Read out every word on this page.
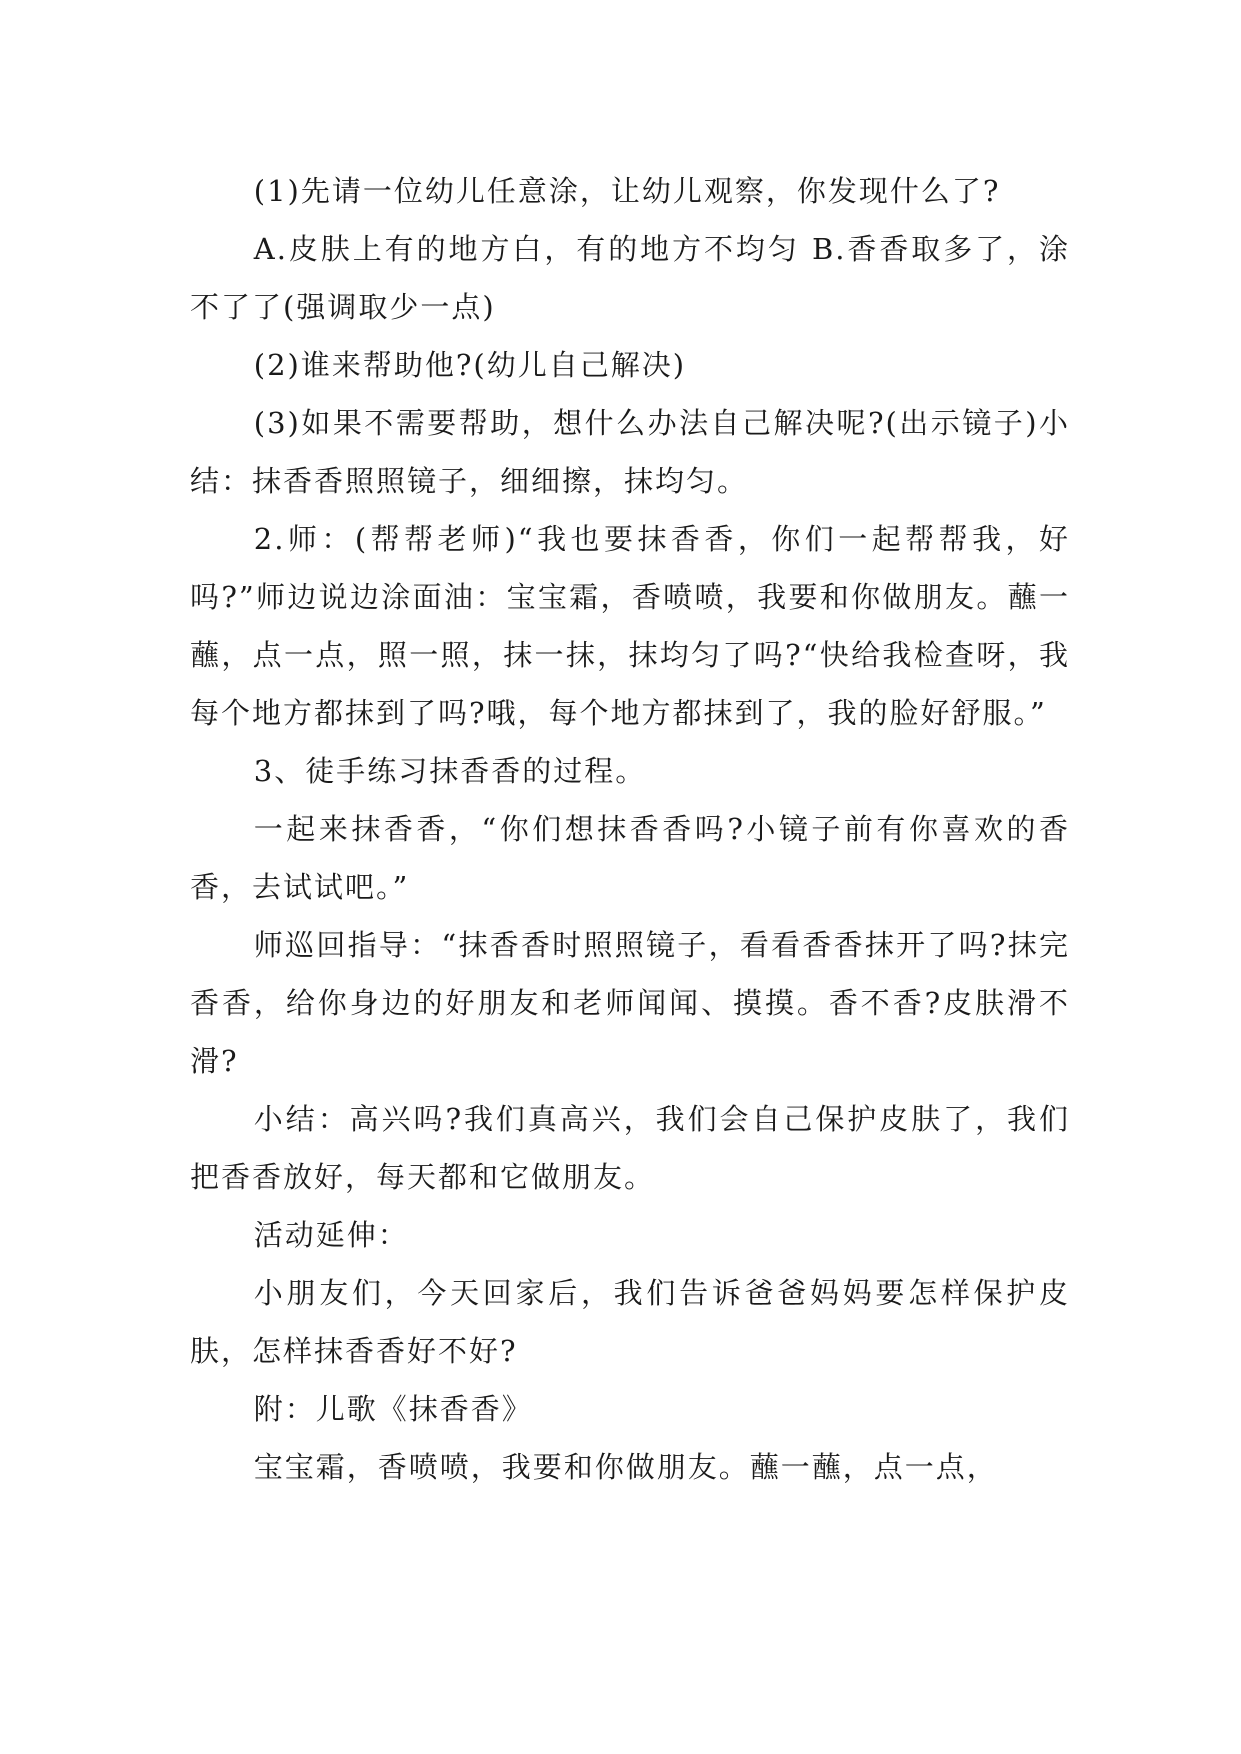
(1)先请一位幼儿任意涂，让幼儿观察，你发现什么了?

A.皮肤上有的地方白，有的地方不均匀 B.香香取多了，涂不了了(强调取少一点)

(2)谁来帮助他?(幼儿自己解决)

(3)如果不需要帮助，想什么办法自己解决呢?(出示镜子)小结：抹香香照照镜子，细细擦，抹均匀。

2.师：(帮帮老师)“我也要抹香香，你们一起帮帮我，好吗?”师边说边涂面油：宝宝霜，香喷喷，我要和你做朋友。蘸一蘸，点一点，照一照，抹一抹，抹均匀了吗?“快给我检查呀，我每个地方都抹到了吗?哦，每个地方都抹到了，我的脸好舒服。”

3、徒手练习抹香香的过程。

一起来抹香香，“你们想抹香香吗?小镜子前有你喜欢的香香，去试试吧。”

师巡回指导：“抹香香时照照镜子，看看香香抹开了吗?抹完香香，给你身边的好朋友和老师闻闻、摸摸。香不香?皮肤滑不滑?

小结：高兴吗?我们真高兴，我们会自己保护皮肤了，我们把香香放好，每天都和它做朋友。

活动延伸：

小朋友们，今天回家后，我们告诉爸爸妈妈要怎样保护皮肤，怎样抹香香好不好?

附：儿歌《抹香香》

宝宝霜，香喷喷，我要和你做朋友。蘸一蘸，点一点，
